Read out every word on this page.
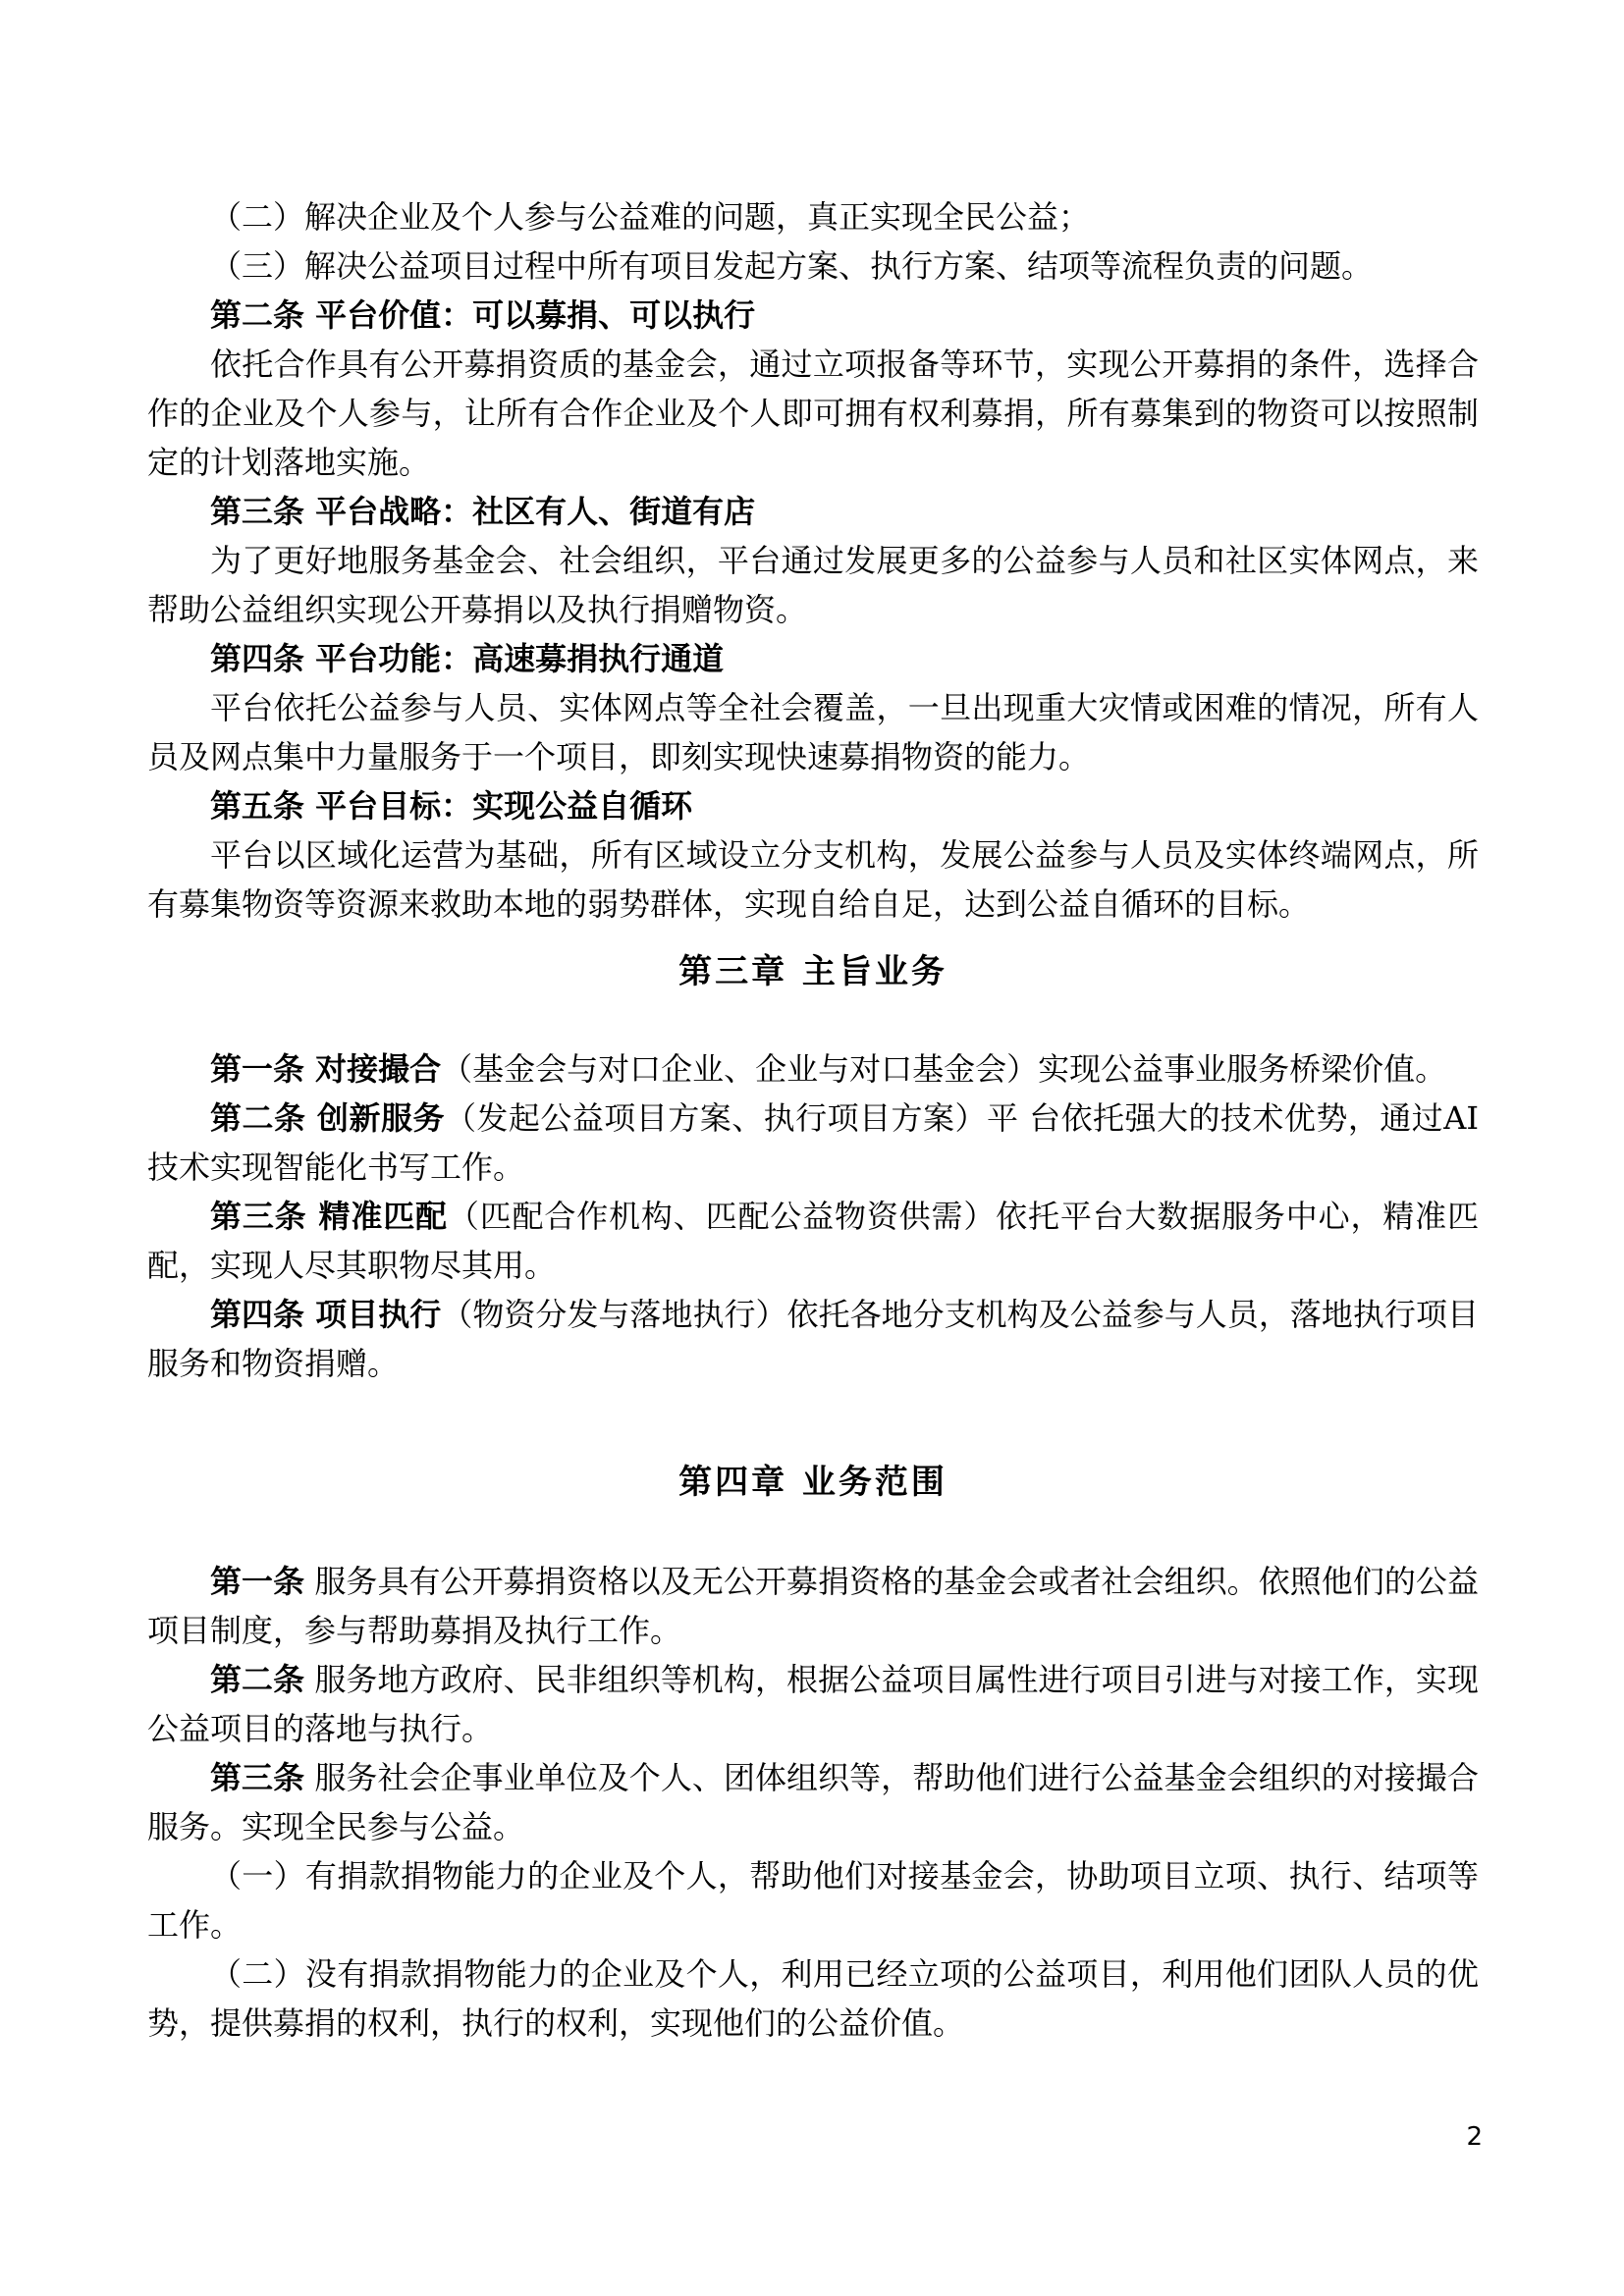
（二）解决企业及个人参与公益难的问题，真正实现全民公益；

（三）解决公益项目过程中所有项目发起方案、执行方案、结项等流程负责的问题。

第二条 平台价值：可以募捐、可以执行

依托合作具有公开募捐资质的基金会，通过立项报备等环节，实现公开募捐的条件，选择合作的企业及个人参与，让所有合作企业及个人即可拥有权利募捐，所有募集到的物资可以按照制定的计划落地实施。

第三条 平台战略：社区有人、街道有店

为了更好地服务基金会、社会组织，平台通过发展更多的公益参与人员和社区实体网点，来帮助公益组织实现公开募捐以及执行捐赠物资。

第四条 平台功能：高速募捐执行通道

平台依托公益参与人员、实体网点等全社会覆盖，一旦出现重大灾情或困难的情况，所有人员及网点集中力量服务于一个项目，即刻实现快速募捐物资的能力。

第五条 平台目标：实现公益自循环

平台以区域化运营为基础，所有区域设立分支机构，发展公益参与人员及实体终端网点，所有募集物资等资源来救助本地的弱势群体，实现自给自足，达到公益自循环的目标。

第三章 主旨业务

第一条 对接撮合（基金会与对口企业、企业与对口基金会）实现公益事业服务桥梁价值。

第二条 创新服务（发起公益项目方案、执行项目方案）平 台依托强大的技术优势，通过AI技术实现智能化书写工作。

第三条 精准匹配（匹配合作机构、匹配公益物资供需）依托平台大数据服务中心，精准匹配，实现人尽其职物尽其用。

第四条 项目执行（物资分发与落地执行）依托各地分支机构及公益参与人员，落地执行项目服务和物资捐赠。

第四章 业务范围

第一条 服务具有公开募捐资格以及无公开募捐资格的基金会或者社会组织。依照他们的公益项目制度，参与帮助募捐及执行工作。

第二条 服务地方政府、民非组织等机构，根据公益项目属性进行项目引进与对接工作，实现公益项目的落地与执行。

第三条 服务社会企事业单位及个人、团体组织等，帮助他们进行公益基金会组织的对接撮合服务。实现全民参与公益。

（一）有捐款捐物能力的企业及个人，帮助他们对接基金会，协助项目立项、执行、结项等工作。

（二）没有捐款捐物能力的企业及个人，利用已经立项的公益项目，利用他们团队人员的优势，提供募捐的权利，执行的权利，实现他们的公益价值。

2
